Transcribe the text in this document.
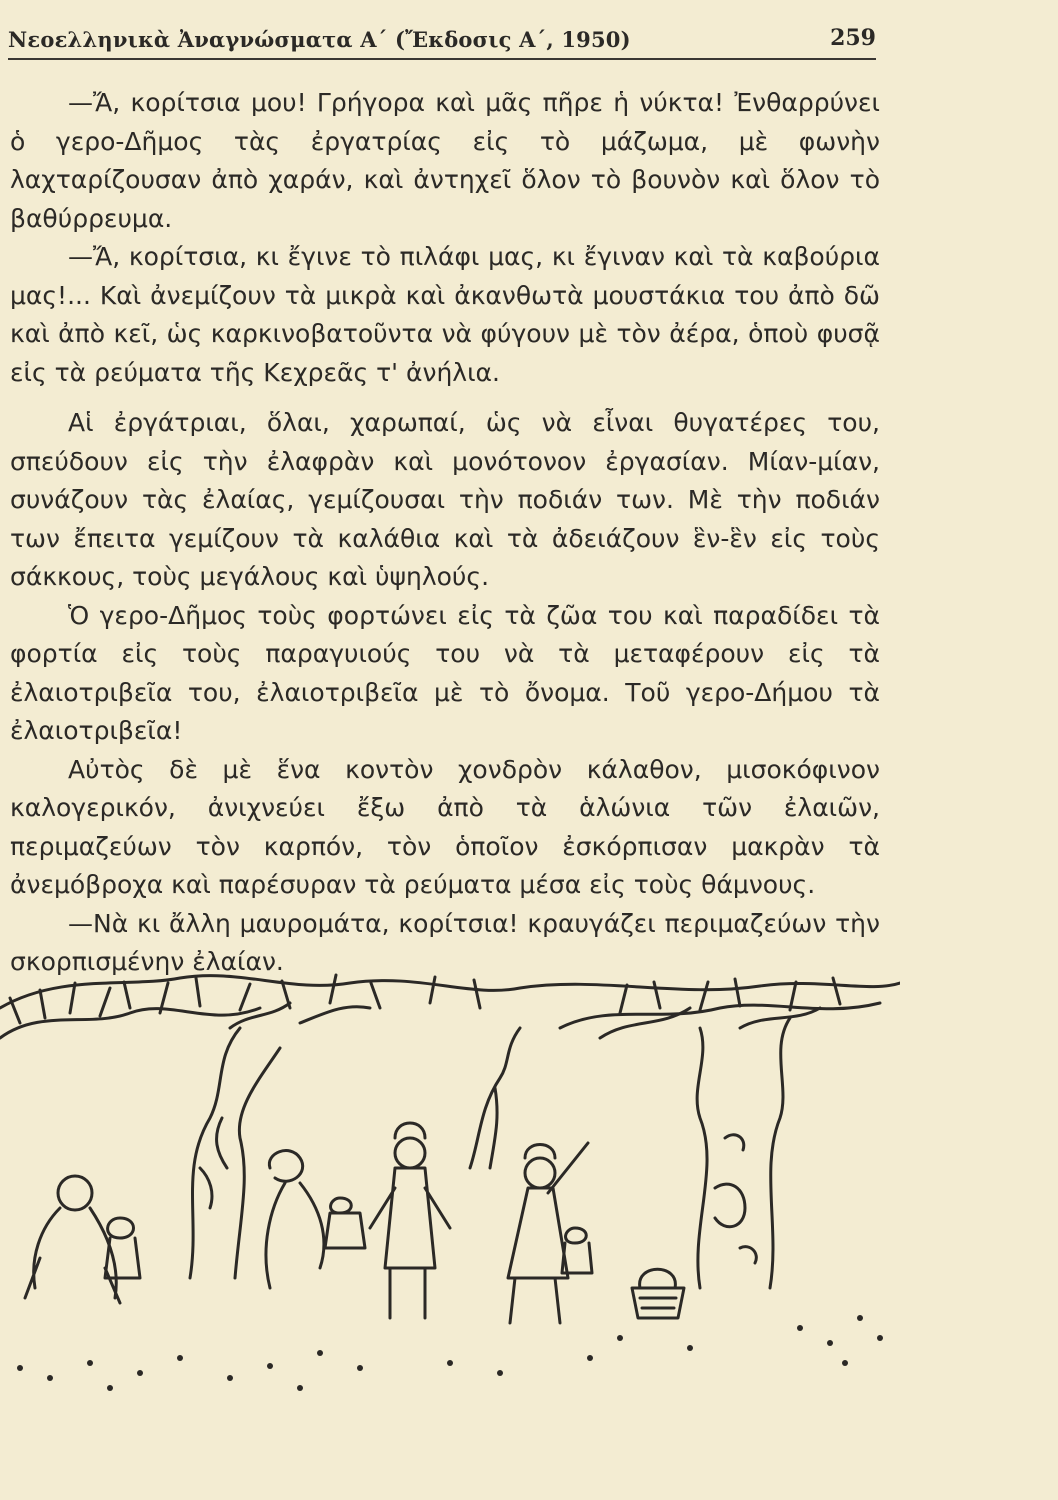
Νεοελληνικὰ Ἀναγνώσματα Α΄ (Ἔκδοσις Α΄, 1950)	259

—Ἄ, κορίτσια μου! Γρήγορα καὶ μᾶς πῆρε ἡ νύκτα! Ἐνθαρρύνει ὁ γερο-Δῆμος τὰς ἐργατρίας εἰς τὸ μάζωμα, μὲ φωνὴν λαχταρίζουσαν ἀπὸ χαράν, καὶ ἀντηχεῖ ὅλον τὸ βουνὸν καὶ ὅλον τὸ βαθύρρευμα.

—Ἄ, κορίτσια, κι ἔγινε τὸ πιλάφι μας, κι ἔγιναν καὶ τὰ καβούρια μας!... Καὶ ἀνεμίζουν τὰ μικρὰ καὶ ἀκανθωτὰ μουστάκια του ἀπὸ δῶ καὶ ἀπὸ κεῖ, ὡς καρκινοβατοῦντα νὰ φύγουν μὲ τὸν ἀέρα, ὁποὺ φυσᾷ εἰς τὰ ρεύματα τῆς Κεχρεᾶς τ' ἀνήλια.

Αἱ ἐργάτριαι, ὅλαι, χαρωπαί, ὡς νὰ εἶναι θυγατέρες του, σπεύδουν εἰς τὴν ἐλαφρὰν καὶ μονότονον ἐργασίαν. Μίαν-μίαν, συνάζουν τὰς ἐλαίας, γεμίζουσαι τὴν ποδιάν των. Μὲ τὴν ποδιάν των ἔπειτα γεμίζουν τὰ καλάθια καὶ τὰ ἀδειάζουν ἓν-ἓν εἰς τοὺς σάκκους, τοὺς μεγάλους καὶ ὑψηλούς.

Ὁ γερο-Δῆμος τοὺς φορτώνει εἰς τὰ ζῶα του καὶ παραδίδει τὰ φορτία εἰς τοὺς παραγυιούς του νὰ τὰ μεταφέρουν εἰς τὰ ἐλαιοτριβεῖα του, ἐλαιοτριβεῖα μὲ τὸ ὄνομα. Τοῦ γερο-Δήμου τὰ ἐλαιοτριβεῖα!

Αὐτὸς δὲ μὲ ἕνα κοντὸν χονδρὸν κάλαθον, μισοκόφινον καλογερικόν, ἀνιχνεύει ἔξω ἀπὸ τὰ ἁλώνια τῶν ἐλαιῶν, περιμαζεύων τὸν καρπόν, τὸν ὁποῖον ἐσκόρπισαν μακρὰν τὰ ἀνεμόβροχα καὶ παρέσυραν τὰ ρεύματα μέσα εἰς τοὺς θάμνους.

—Νὰ κι ἄλλη μαυρομάτα, κορίτσια! κραυγάζει περιμαζεύων τὴν σκορπισμένην ἐλαίαν.
